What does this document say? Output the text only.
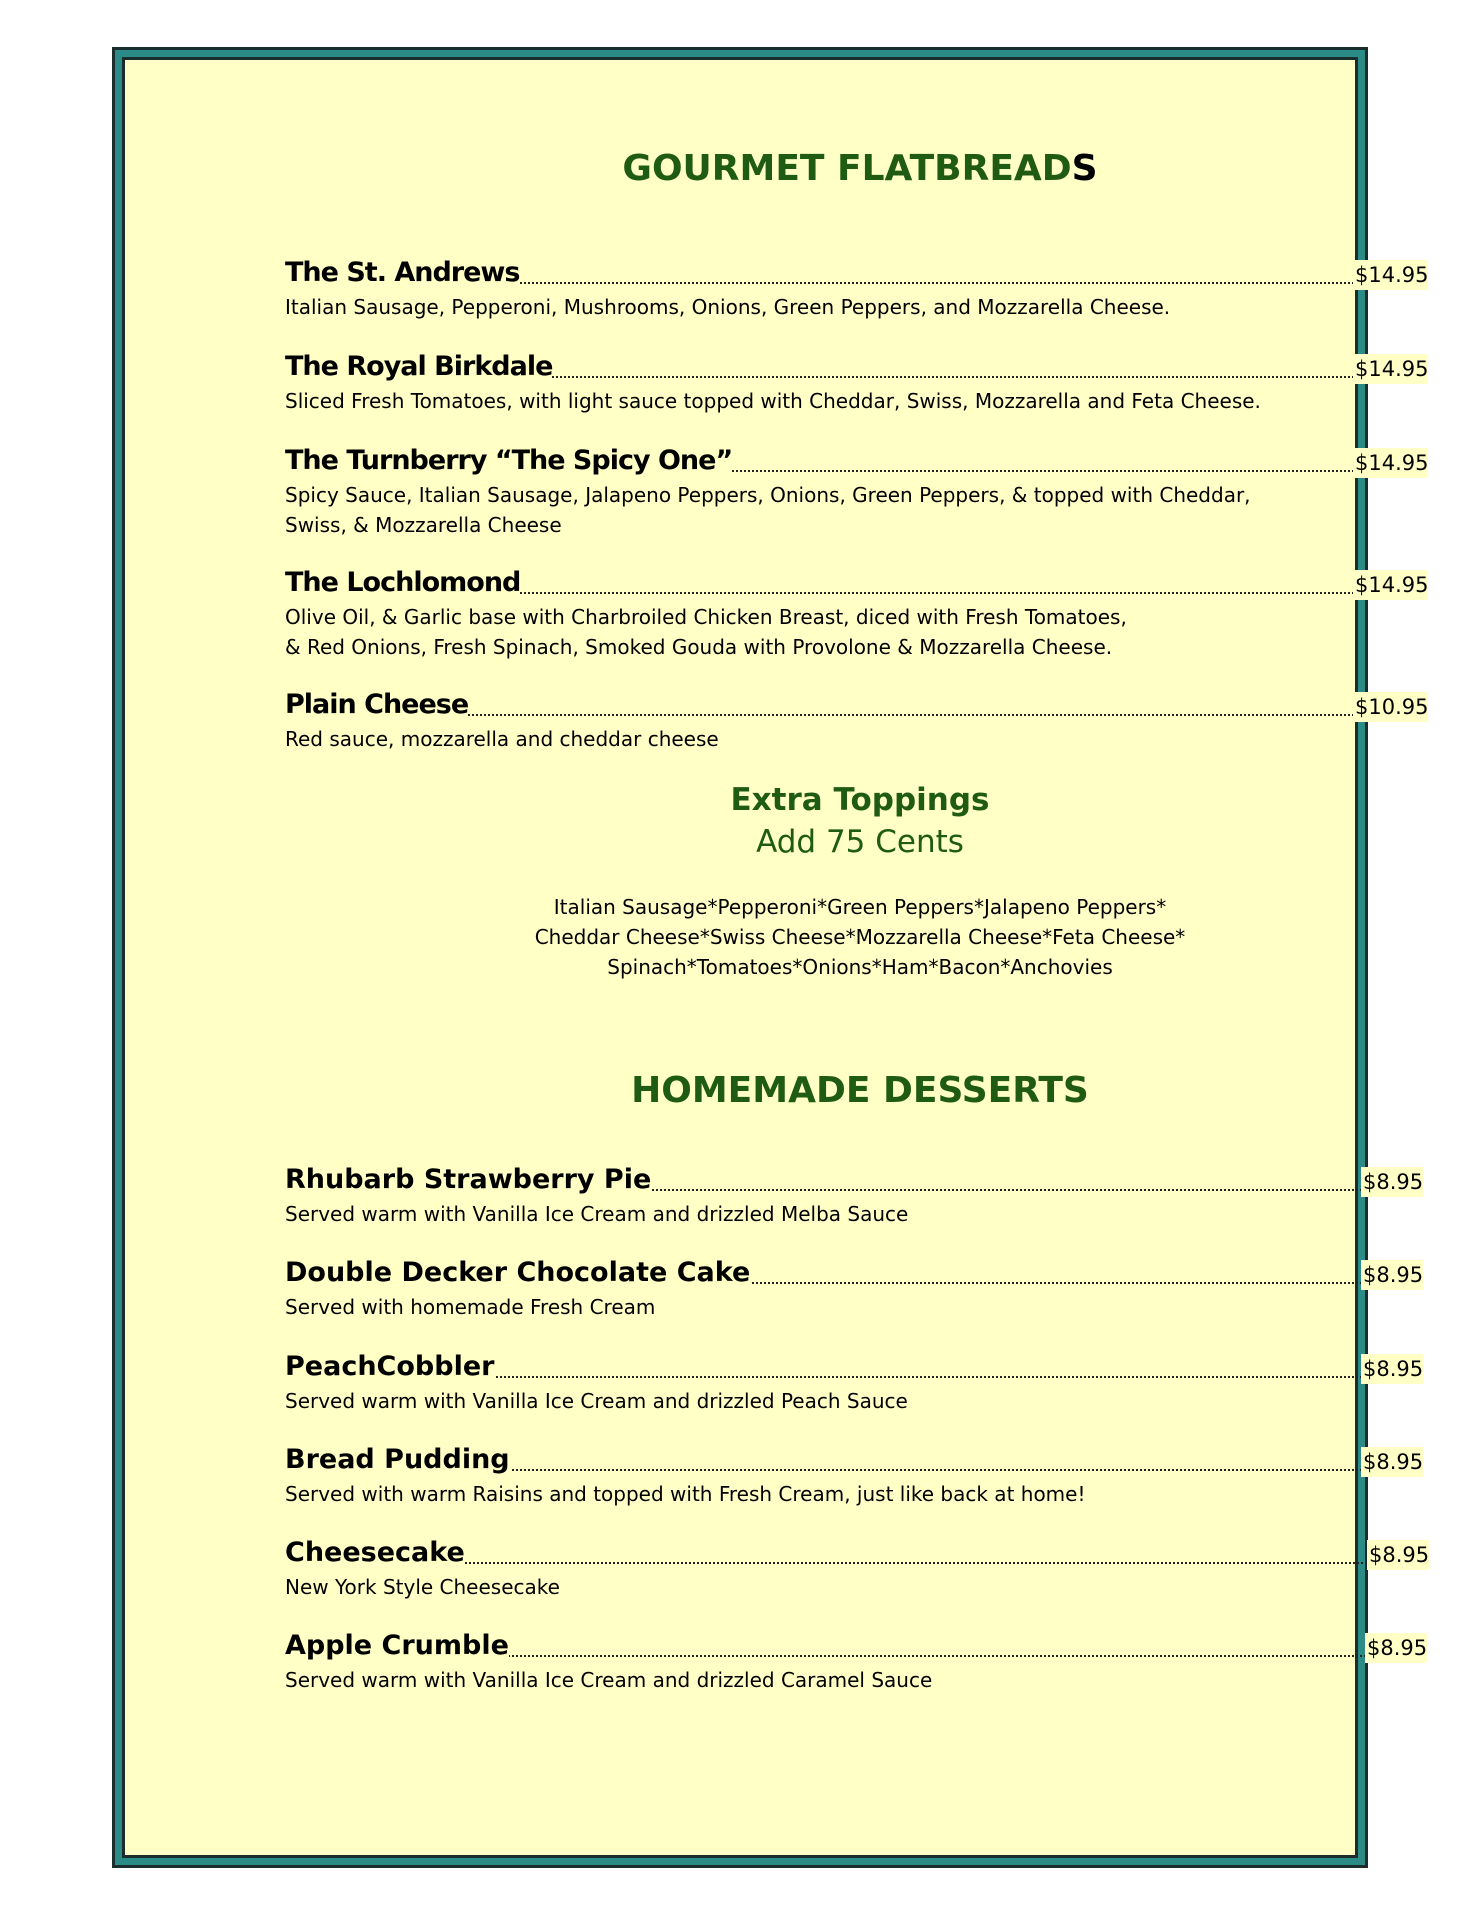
GOURMET FLATBREADS
The St. Andrews	$14.95
Italian Sausage, Pepperoni, Mushrooms, Onions, Green Peppers, and Mozzarella Cheese.
The Royal Birkdale	$14.95
Sliced Fresh Tomatoes, with light sauce topped with Cheddar, Swiss, Mozzarella and Feta Cheese.
The Turnberry “The Spicy One”	$14.95
Spicy Sauce, Italian Sausage, Jalapeno Peppers, Onions, Green Peppers, & topped with Cheddar,
Swiss, & Mozzarella Cheese
The Lochlomond	$14.95
Olive Oil, & Garlic base with Charbroiled Chicken Breast, diced with Fresh Tomatoes,
& Red Onions, Fresh Spinach, Smoked Gouda with Provolone & Mozzarella Cheese.
Plain Cheese	$10.95
Red sauce, mozzarella and cheddar cheese
Extra Toppings
Add 75 Cents
Italian Sausage*Pepperoni*Green Peppers*Jalapeno Peppers*
Cheddar Cheese*Swiss Cheese*Mozzarella Cheese*Feta Cheese*
Spinach*Tomatoes*Onions*Ham*Bacon*Anchovies
HOMEMADE DESSERTS
Rhubarb Strawberry Pie	$8.95
Served warm with Vanilla Ice Cream and drizzled Melba Sauce
Double Decker Chocolate Cake	$8.95
Served with homemade Fresh Cream
PeachCobbler	$8.95
Served warm with Vanilla Ice Cream and drizzled Peach Sauce
Bread Pudding	$8.95
Served with warm Raisins and topped with Fresh Cream, just like back at home!
Cheesecake	$8.95
New York Style Cheesecake
Apple Crumble	$8.95
Served warm with Vanilla Ice Cream and drizzled Caramel Sauce
